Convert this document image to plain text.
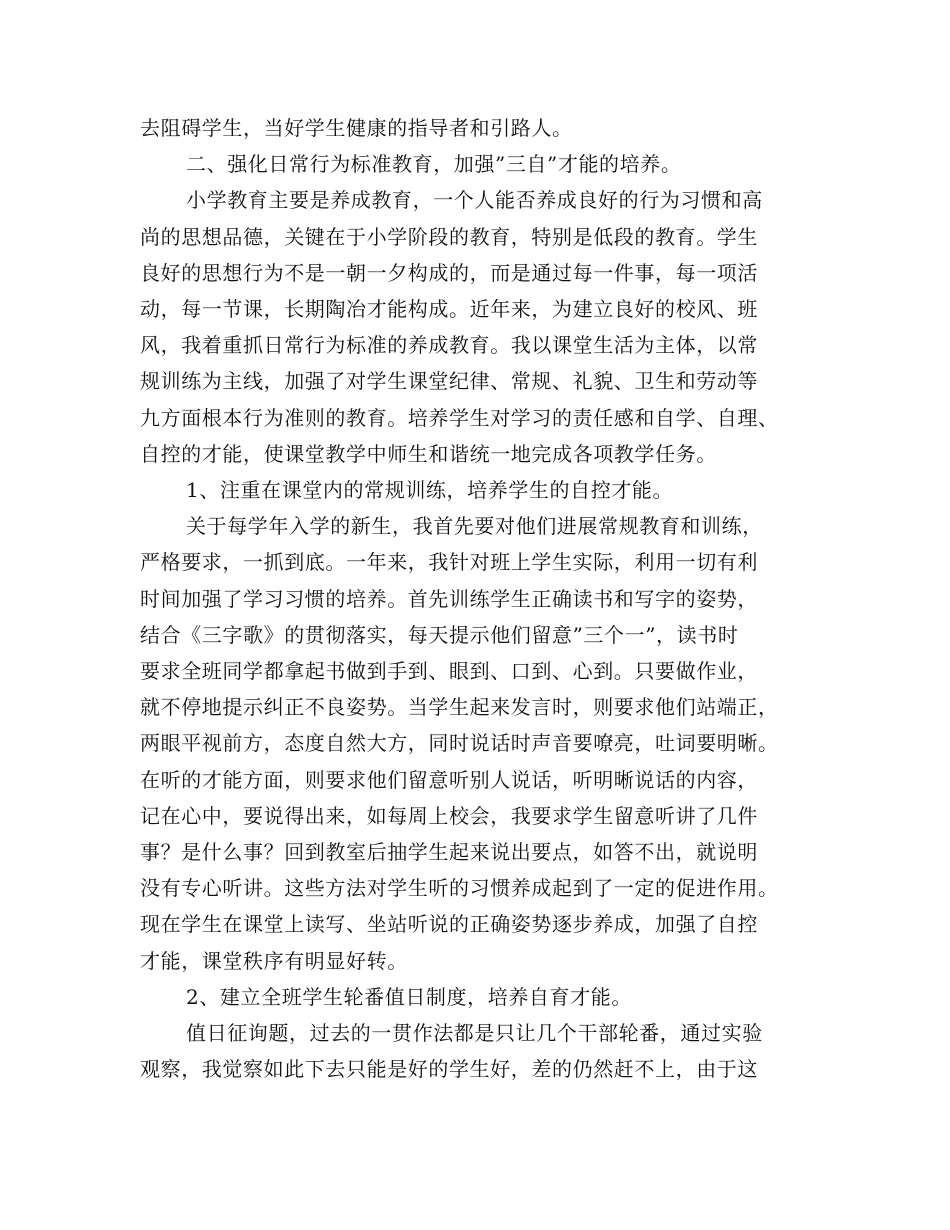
去阻碍学生，当好学生健康的指导者和引路人。
二、强化日常行为标准教育，加强”三自”才能的培养。
小学教育主要是养成教育，一个人能否养成良好的行为习惯和高
尚的思想品德，关键在于小学阶段的教育，特别是低段的教育。学生
良好的思想行为不是一朝一夕构成的，而是通过每一件事，每一项活
动，每一节课，长期陶冶才能构成。近年来，为建立良好的校风、班
风，我着重抓日常行为标准的养成教育。我以课堂生活为主体，以常
规训练为主线，加强了对学生课堂纪律、常规、礼貌、卫生和劳动等
九方面根本行为准则的教育。培养学生对学习的责任感和自学、自理、
自控的才能，使课堂教学中师生和谐统一地完成各项教学任务。
1、注重在课堂内的常规训练，培养学生的自控才能。
关于每学年入学的新生，我首先要对他们进展常规教育和训练，
严格要求，一抓到底。一年来，我针对班上学生实际，利用一切有利
时间加强了学习习惯的培养。首先训练学生正确读书和写字的姿势，
结合《三字歌》的贯彻落实，每天提示他们留意”三个一”，读书时
要求全班同学都拿起书做到手到、眼到、口到、心到。只要做作业，
就不停地提示纠正不良姿势。当学生起来发言时，则要求他们站端正，
两眼平视前方，态度自然大方，同时说话时声音要嘹亮，吐词要明晰。
在听的才能方面，则要求他们留意听别人说话，听明晰说话的内容，
记在心中，要说得出来，如每周上校会，我要求学生留意听讲了几件
事？是什么事？回到教室后抽学生起来说出要点，如答不出，就说明
没有专心听讲。这些方法对学生听的习惯养成起到了一定的促进作用。
现在学生在课堂上读写、坐站听说的正确姿势逐步养成，加强了自控
才能，课堂秩序有明显好转。
2、建立全班学生轮番值日制度，培养自育才能。
值日征询题，过去的一贯作法都是只让几个干部轮番，通过实验
观察，我觉察如此下去只能是好的学生好，差的仍然赶不上，由于这
